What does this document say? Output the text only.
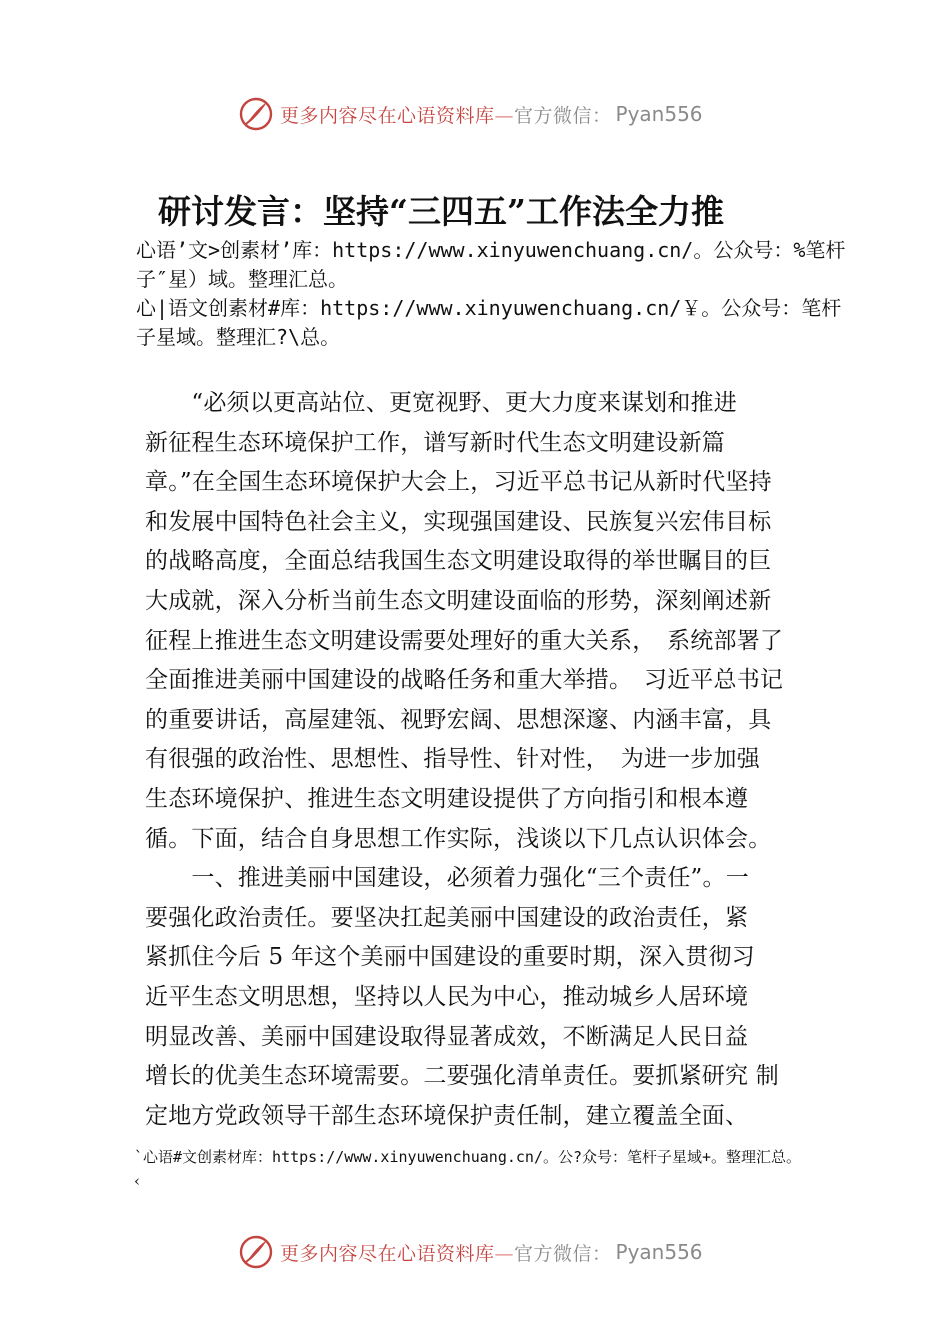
更多内容尽在心语资料库—官方微信： Pyan556
研讨发言：坚持“三四五”工作法全力推
心语’文>创素材’库：https://www.xinyuwenchuang.cn/。公众号：%笔杆子″星）域。整理汇总。
心|语文创素材#库：https://www.xinyuwenchuang.cn/￥。公众号：笔杆子星域。整理汇?\总。
　　“必须以更高站位、更宽视野、更大力度来谋划和推进
新征程生态环境保护工作，谱写新时代生态文明建设新篇
章。”在全国生态环境保护大会上，习近平总书记从新时代坚持
和发展中国特色社会主义，实现强国建设、民族复兴宏伟目标
的战略高度，全面总结我国生态文明建设取得的举世瞩目的巨
大成就，深入分析当前生态文明建设面临的形势，深刻阐述新
征程上推进生态文明建设需要处理好的重大关系，　系统部署了
全面推进美丽中国建设的战略任务和重大举措。　习近平总书记
的重要讲话，高屋建瓴、视野宏阔、思想深邃、内涵丰富，具
有很强的政治性、思想性、指导性、针对性，　为进一步加强
生态环境保护、推进生态文明建设提供了方向指引和根本遵
循。下面，结合自身思想工作实际，浅谈以下几点认识体会。
　　一、推进美丽中国建设，必须着力强化“三个责任”。一
要强化政治责任。要坚决扛起美丽中国建设的政治责任，紧
紧抓住今后 5 年这个美丽中国建设的重要时期，深入贯彻习
近平生态文明思想，坚持以人民为中心，推动城乡人居环境
明显改善、美丽中国建设取得显著成效，不断满足人民日益
增长的优美生态环境需要。二要强化清单责任。要抓紧研究 制
定地方党政领导干部生态环境保护责任制，建立覆盖全面、
`心语#文创素材库：https://www.xinyuwenchuang.cn/。公?众号：笔杆子星域+。整理汇总。
‹
更多内容尽在心语资料库—官方微信： Pyan556
